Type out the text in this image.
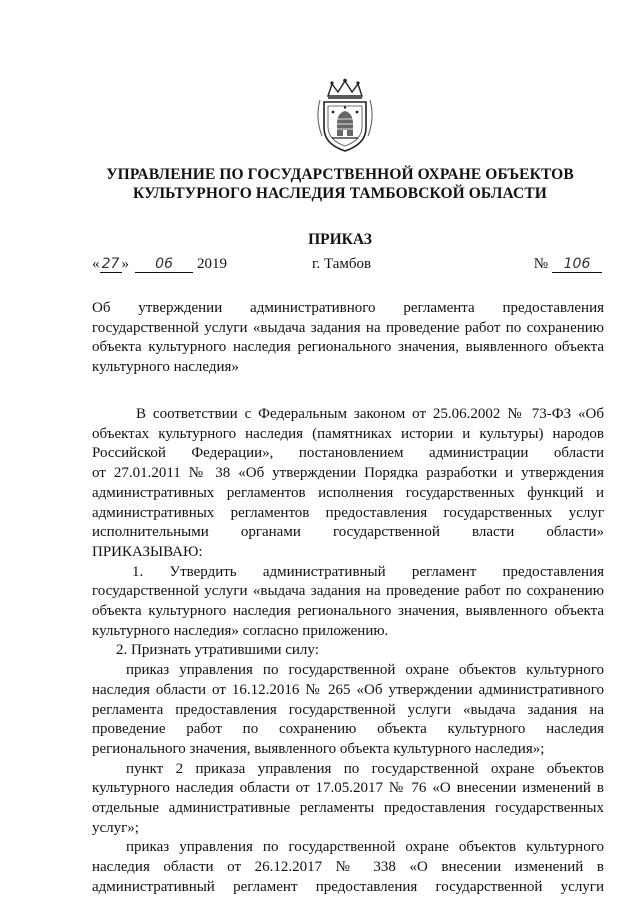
УПРАВЛЕНИЕ ПО ГОСУДАРСТВЕННОЙ ОХРАНЕ ОБЪЕКТОВ
КУЛЬТУРНОГО НАСЛЕДИЯ ТАМБОВСКОЙ ОБЛАСТИ
ПРИКАЗ
« 27 » 06 2019	г. Тамбов	№ 106
Об утверждении административного регламента предоставления
государственной услуги «выдача задания на проведение работ по сохранению
объекта культурного наследия регионального значения, выявленного объекта
культурного наследия»
В соответствии с Федеральным законом от 25.06.2002 № 73-ФЗ «Об
объектах культурного наследия (памятниках истории и культуры) народов
Российской Федерации», постановлением администрации области
от 27.01.2011 № 38 «Об утверждении Порядка разработки и утверждения
административных регламентов исполнения государственных функций и
административных регламентов предоставления государственных услуг
исполнительными органами государственной власти области»
ПРИКАЗЫВАЮ:
1. Утвердить административный регламент предоставления
государственной услуги «выдача задания на проведение работ по сохранению
объекта культурного наследия регионального значения, выявленного объекта
культурного наследия» согласно приложению.
2. Признать утратившими силу:
приказ управления по государственной охране объектов культурного
наследия области от 16.12.2016 № 265 «Об утверждении административного
регламента предоставления государственной услуги «выдача задания на
проведение работ по сохранению объекта культурного наследия
регионального значения, выявленного объекта культурного наследия»;
пункт 2 приказа управления по государственной охране объектов
культурного наследия области от 17.05.2017 № 76 «О внесении изменений в
отдельные административные регламенты предоставления государственных
услуг»;
приказ управления по государственной охране объектов культурного
наследия области от 26.12.2017 № 338 «О внесении изменений в
административный регламент предоставления государственной услуги
